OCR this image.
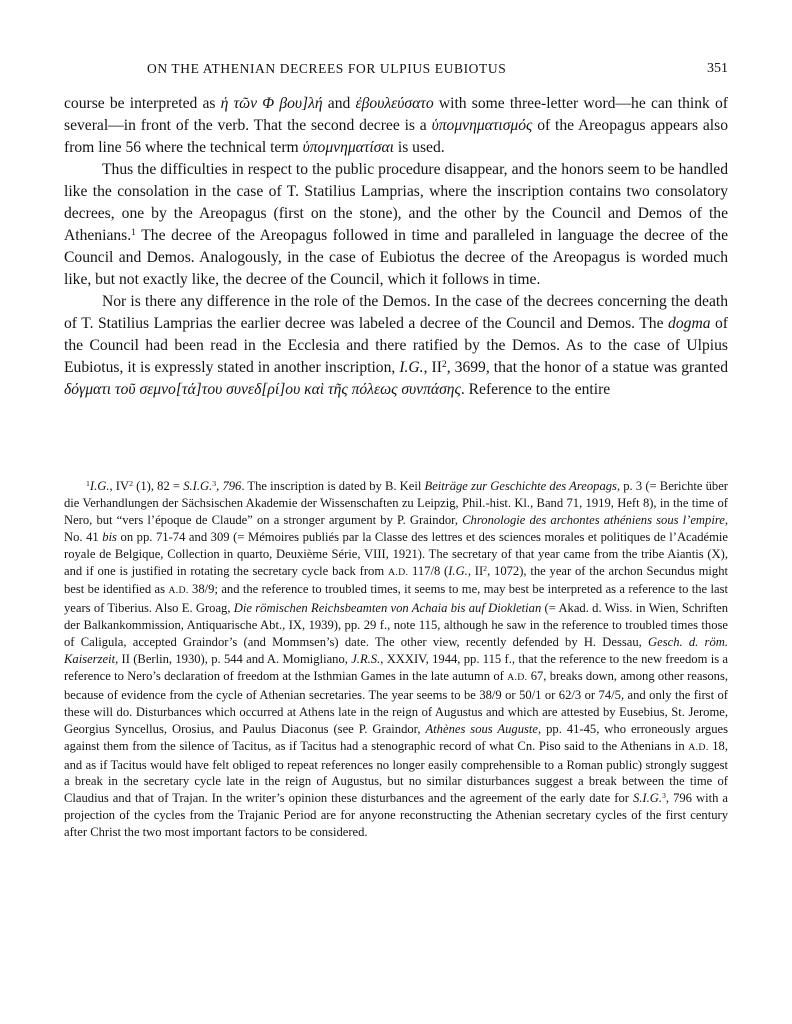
ON THE ATHENIAN DECREES FOR ULPIUS EUBIOTUS	351

course be interpreted as ἡ τῶν Φ βου]λή and ἐβουλεύσατο with some three-letter word—he can think of several—in front of the verb. That the second decree is a ὑπομνηματισμός of the Areopagus appears also from line 56 where the technical term ὑπομνηματίσαι is used.

Thus the difficulties in respect to the public procedure disappear, and the honors seem to be handled like the consolation in the case of T. Statilius Lamprias, where the inscription contains two consolatory decrees, one by the Areopagus (first on the stone), and the other by the Council and Demos of the Athenians.$^1$ The decree of the Areopagus followed in time and paralleled in language the decree of the Council and Demos. Analogously, in the case of Eubiotus the decree of the Areopagus is worded much like, but not exactly like, the decree of the Council, which it follows in time.

Nor is there any difference in the role of the Demos. In the case of the decrees concerning the death of T. Statilius Lamprias the earlier decree was labeled a decree of the Council and Demos. The dogma of the Council had been read in the Ecclesia and there ratified by the Demos. As to the case of Ulpius Eubiotus, it is expressly stated in another inscription, I.G., $II^2$, 3699, that the honor of a statue was granted δόγματι τοῦ σεμνο[τά]του συνεδ[ρί]ου καὶ τῆς πόλεως συνπάσης. Reference to the entire

$^1$I.G., $IV^2$ (1), 82 = S.I.G.$^3$, 796. The inscription is dated by B. Keil Beiträge zur Geschichte des Areopags, p. 3 (= Berichte über die Verhandlungen der Sächsischen Akademie der Wissenschaften zu Leipzig, Phil.-hist. Kl., Band 71, 1919, Heft 8), in the time of Nero, but “vers l’époque de Claude” on a stronger argument by P. Graindor, Chronologie des archontes athéniens sous l’empire, No. 41 bis on pp. 71-74 and 309 (= Mémoires publiés par la Classe des lettres et des sciences morales et politiques de l’Académie royale de Belgique, Collection in quarto, Deuxième Série, VIII, 1921). The secretary of that year came from the tribe Aiantis (X), and if one is justified in rotating the secretary cycle back from A.D. 117/8 (I.G., $II^2$, 1072), the year of the archon Secundus might best be identified as A.D. 38/9; and the reference to troubled times, it seems to me, may best be interpreted as a reference to the last years of Tiberius. Also E. Groag, Die römischen Reichsbeamten von Achaia bis auf Diokletian (= Akad. d. Wiss. in Wien, Schriften der Balkankommission, Antiquarische Abt., IX, 1939), pp. 29 f., note 115, although he saw in the reference to troubled times those of Caligula, accepted Graindor’s (and Mommsen’s) date. The other view, recently defended by H. Dessau, Gesch. d. röm. Kaiserzeit, II (Berlin, 1930), p. 544 and A. Momigliano, J.R.S., XXXIV, 1944, pp. 115 f., that the reference to the new freedom is a reference to Nero’s declaration of freedom at the Isthmian Games in the late autumn of A.D. 67, breaks down, among other reasons, because of evidence from the cycle of Athenian secretaries. The year seems to be 38/9 or 50/1 or 62/3 or 74/5, and only the first of these will do. Disturbances which occurred at Athens late in the reign of Augustus and which are attested by Eusebius, St. Jerome, Georgius Syncellus, Orosius, and Paulus Diaconus (see P. Graindor, Athènes sous Auguste, pp. 41-45, who erroneously argues against them from the silence of Tacitus, as if Tacitus had a stenographic record of what Cn. Piso said to the Athenians in A.D. 18, and as if Tacitus would have felt obliged to repeat references no longer easily comprehensible to a Roman public) strongly suggest a break in the secretary cycle late in the reign of Augustus, but no similar disturbances suggest a break between the time of Claudius and that of Trajan. In the writer’s opinion these disturbances and the agreement of the early date for S.I.G.$^3$, 796 with a projection of the cycles from the Trajanic Period are for anyone reconstructing the Athenian secretary cycles of the first century after Christ the two most important factors to be considered.
